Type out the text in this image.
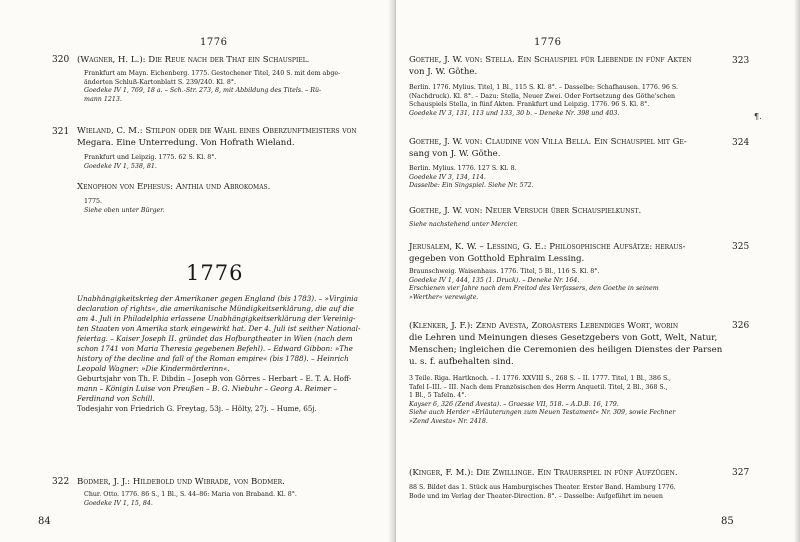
1776
320 (Wagner, H. L.): Die Reue nach der That ein Schauspiel.
Frankfurt am Mayn. Eichenberg. 1775. Gestochener Titel, 240 S. mit dem abge-
änderten Schluß-Kartonblatt S. 239/240. Kl. 8°.
Goedeke IV 1, 769, 18 a. – Sch.-Str. 273, 8, mit Abbildung des Titels. – Rü-
mann 1213.
321 Wieland, C. M.: Stilpon oder die Wahl eines Oberzunftmeisters von
Megara. Eine Unterredung. Von Hofrath Wieland.
Frankfurt und Leipzig. 1775. 62 S. Kl. 8°.
Goedeke IV 1, 538, 81.
Xenophon von Ephesus: Anthia und Abrokomas.
1775.
Siehe oben unter Bürger.
1776
Unabhängigkeitskrieg der Amerikaner gegen England (bis 1783). – »Virginia
declaration of rights«, die amerikanische Mündigkeitserklärung, die auf die
am 4. Juli in Philadelphia erlassene Unabhängigkeitserklärung der Vereinig-
ten Staaten von Amerika stark eingewirkt hat. Der 4. Juli ist seither National-
feiertag. – Kaiser Joseph II. gründet das Hofburgtheater in Wien (nach dem
schon 1741 von Maria Theresia gegebenen Befehl). – Edward Gibbon: »The
history of the decline and fall of the Roman empire« (bis 1788). – Heinrich
Leopold Wagner: »Die Kindermörderinn«.
Geburtsjahr von Th. F. Dibdin – Joseph von Görres – Herbart – E. T. A. Hoff-
mann – Königin Luise von Preußen – B. G. Niebuhr – Georg A. Reimer –
Ferdinand von Schill.
Todesjahr von Friedrich G. Freytag, 53j. – Hölty, 27j. – Hume, 65j.
322 Bodmer, J. J.: Hildebold und Wibrade, von Bodmer.
Chur. Otto. 1776. 86 S., 1 Bl., S. 44–86: Maria von Braband. Kl. 8°.
Goedeke IV 1, 15, 84.
84
1776
¶.
Goethe, J. W. von: Stella. Ein Schauspiel für Liebende in fünf Akten
von J. W. Göthe.
323
Berlin. 1776. Mylius. Titel, 1 Bl., 115 S. Kl. 8°. – Dasselbe: Schafhausen. 1776. 96 S.
(Nachdruck). Kl. 8°. – Dazu: Stella, Neuer Zwei. Oder Fortsetzung des Göthe'schen
Schauspiels Stella, in fünf Akten. Frankfurt und Leipzig. 1776. 96 S. Kl. 8°.
Goedeke IV 3, 131, 113 und 133, 30 b. – Deneke Nr. 398 und 403.
Goethe, J. W. von: Claudine von Villa Bella. Ein Schauspiel mit Ge-
sang von J. W. Göthe.
324
Berlin. Mylius. 1776. 127 S. Kl. 8.
Goedeke IV 3, 134, 114.
Dasselbe: Ein Singspiel. Siehe Nr. 572.
Goethe, J. W. von: Neuer Versuch über Schauspielkunst.
Siehe nachstehend unter Mercier.
Jerusalem, K. W. – Lessing, G. E.: Philosophische Aufsätze: heraus-
gegeben von Gotthold Ephraim Lessing.
325
Braunschweig. Waisenhaus. 1776. Titel, 5 Bl., 116 S. Kl. 8°.
Goedeke IV 1, 444, 135 (1. Druck). – Deneke Nr. 164.
Erschienen vier Jahre nach dem Freitod des Verfassers, den Goethe in seinem
»Werther« verewigte.
(Klenker, J. F.): Zend Avesta, Zoroasters Lebendiges Wort, worin
die Lehren und Meinungen dieses Gesetzgebers von Gott, Welt, Natur,
Menschen; ingleichen die Ceremonien des heiligen Dienstes der Parsen
u. s. f. aufbehalten sind.
326
3 Teile. Riga. Hartknoch. – I. 1776. XXVIII S., 268 S. – II. 1777. Titel, 1 Bl., 386 S.,
Tafel I–III. – III. Nach dem Französischen des Herrn Anquetil. Titel, 2 Bl., 368 S.,
1 Bl., 5 Tafeln. 4°.
Kayser 6, 326 (Zend Avesta). – Graesse VII, 518. – A.D.B. 16, 179.
Siehe auch Herder »Erläuterungen zum Neuen Testament« Nr. 309, sowie Fechner
»Zend Avesta« Nr. 2418.
(Kinger, F. M.): Die Zwillinge. Ein Trauerspiel in fünf Aufzügen.	327
88 S. Bildet das 1. Stück aus Hamburgisches Theater. Erster Band. Hamburg 1776.
Bode und im Verlag der Theater-Direction. 8°. – Dasselbe: Aufgeführt im neuen
85
